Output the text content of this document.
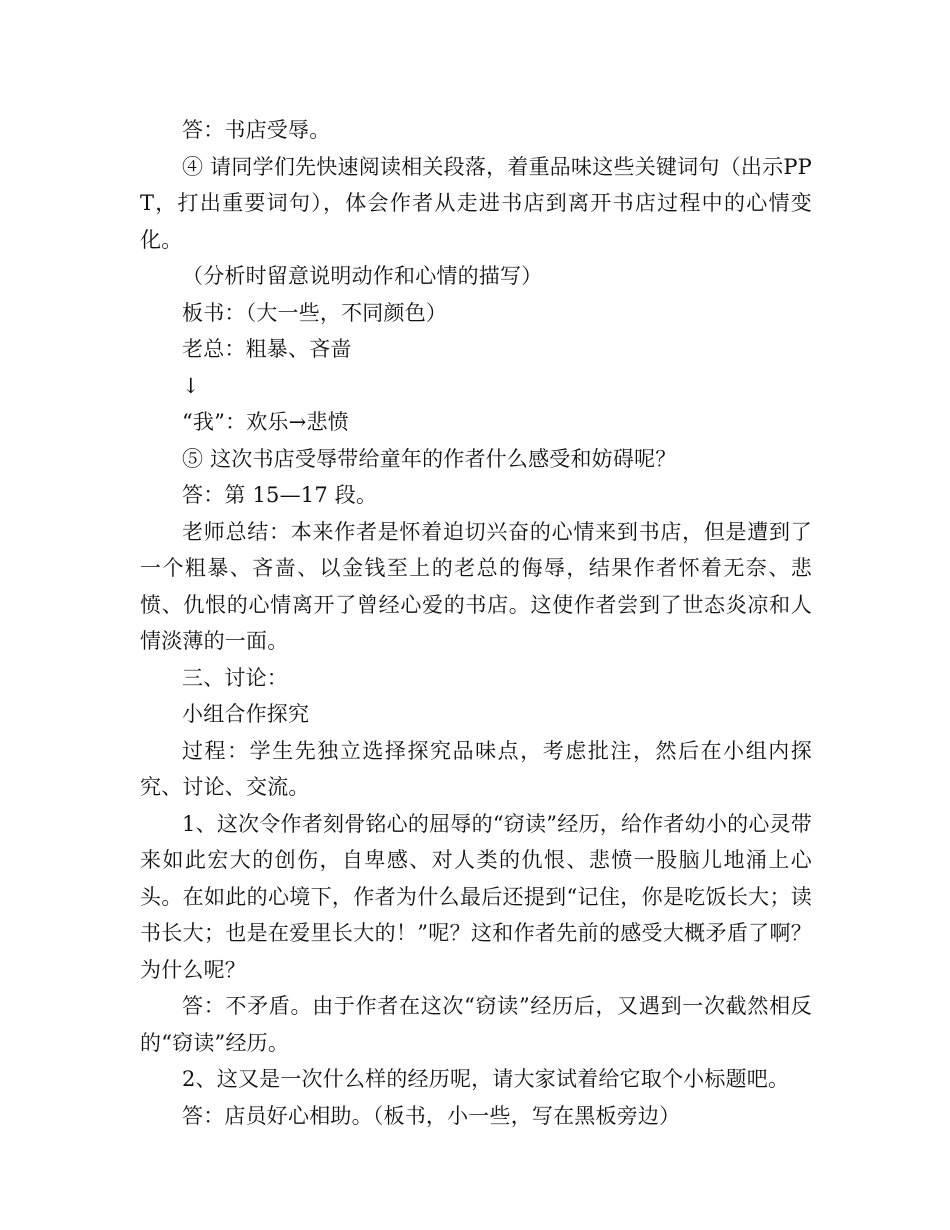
答：书店受辱。

④ 请同学们先快速阅读相关段落，着重品味这些关键词句（出示PPT，打出重要词句），体会作者从走进书店到离开书店过程中的心情变化。

（分析时留意说明动作和心情的描写）

板书：（大一些，不同颜色）

老总：粗暴、吝啬

↓

“我”：欢乐→悲愤

⑤ 这次书店受辱带给童年的作者什么感受和妨碍呢？

答：第 15—17 段。

老师总结：本来作者是怀着迫切兴奋的心情来到书店，但是遭到了一个粗暴、吝啬、以金钱至上的老总的侮辱，结果作者怀着无奈、悲愤、仇恨的心情离开了曾经心爱的书店。这使作者尝到了世态炎凉和人情淡薄的一面。

三、讨论：

小组合作探究

过程：学生先独立选择探究品味点，考虑批注，然后在小组内探究、讨论、交流。

1、这次令作者刻骨铭心的屈辱的“窃读”经历，给作者幼小的心灵带来如此宏大的创伤，自卑感、对人类的仇恨、悲愤一股脑儿地涌上心头。在如此的心境下，作者为什么最后还提到“记住，你是吃饭长大；读书长大；也是在爱里长大的！”呢？这和作者先前的感受大概矛盾了啊？为什么呢？

答：不矛盾。由于作者在这次“窃读”经历后，又遇到一次截然相反的“窃读”经历。

2、这又是一次什么样的经历呢，请大家试着给它取个小标题吧。

答：店员好心相助。（板书，小一些，写在黑板旁边）
